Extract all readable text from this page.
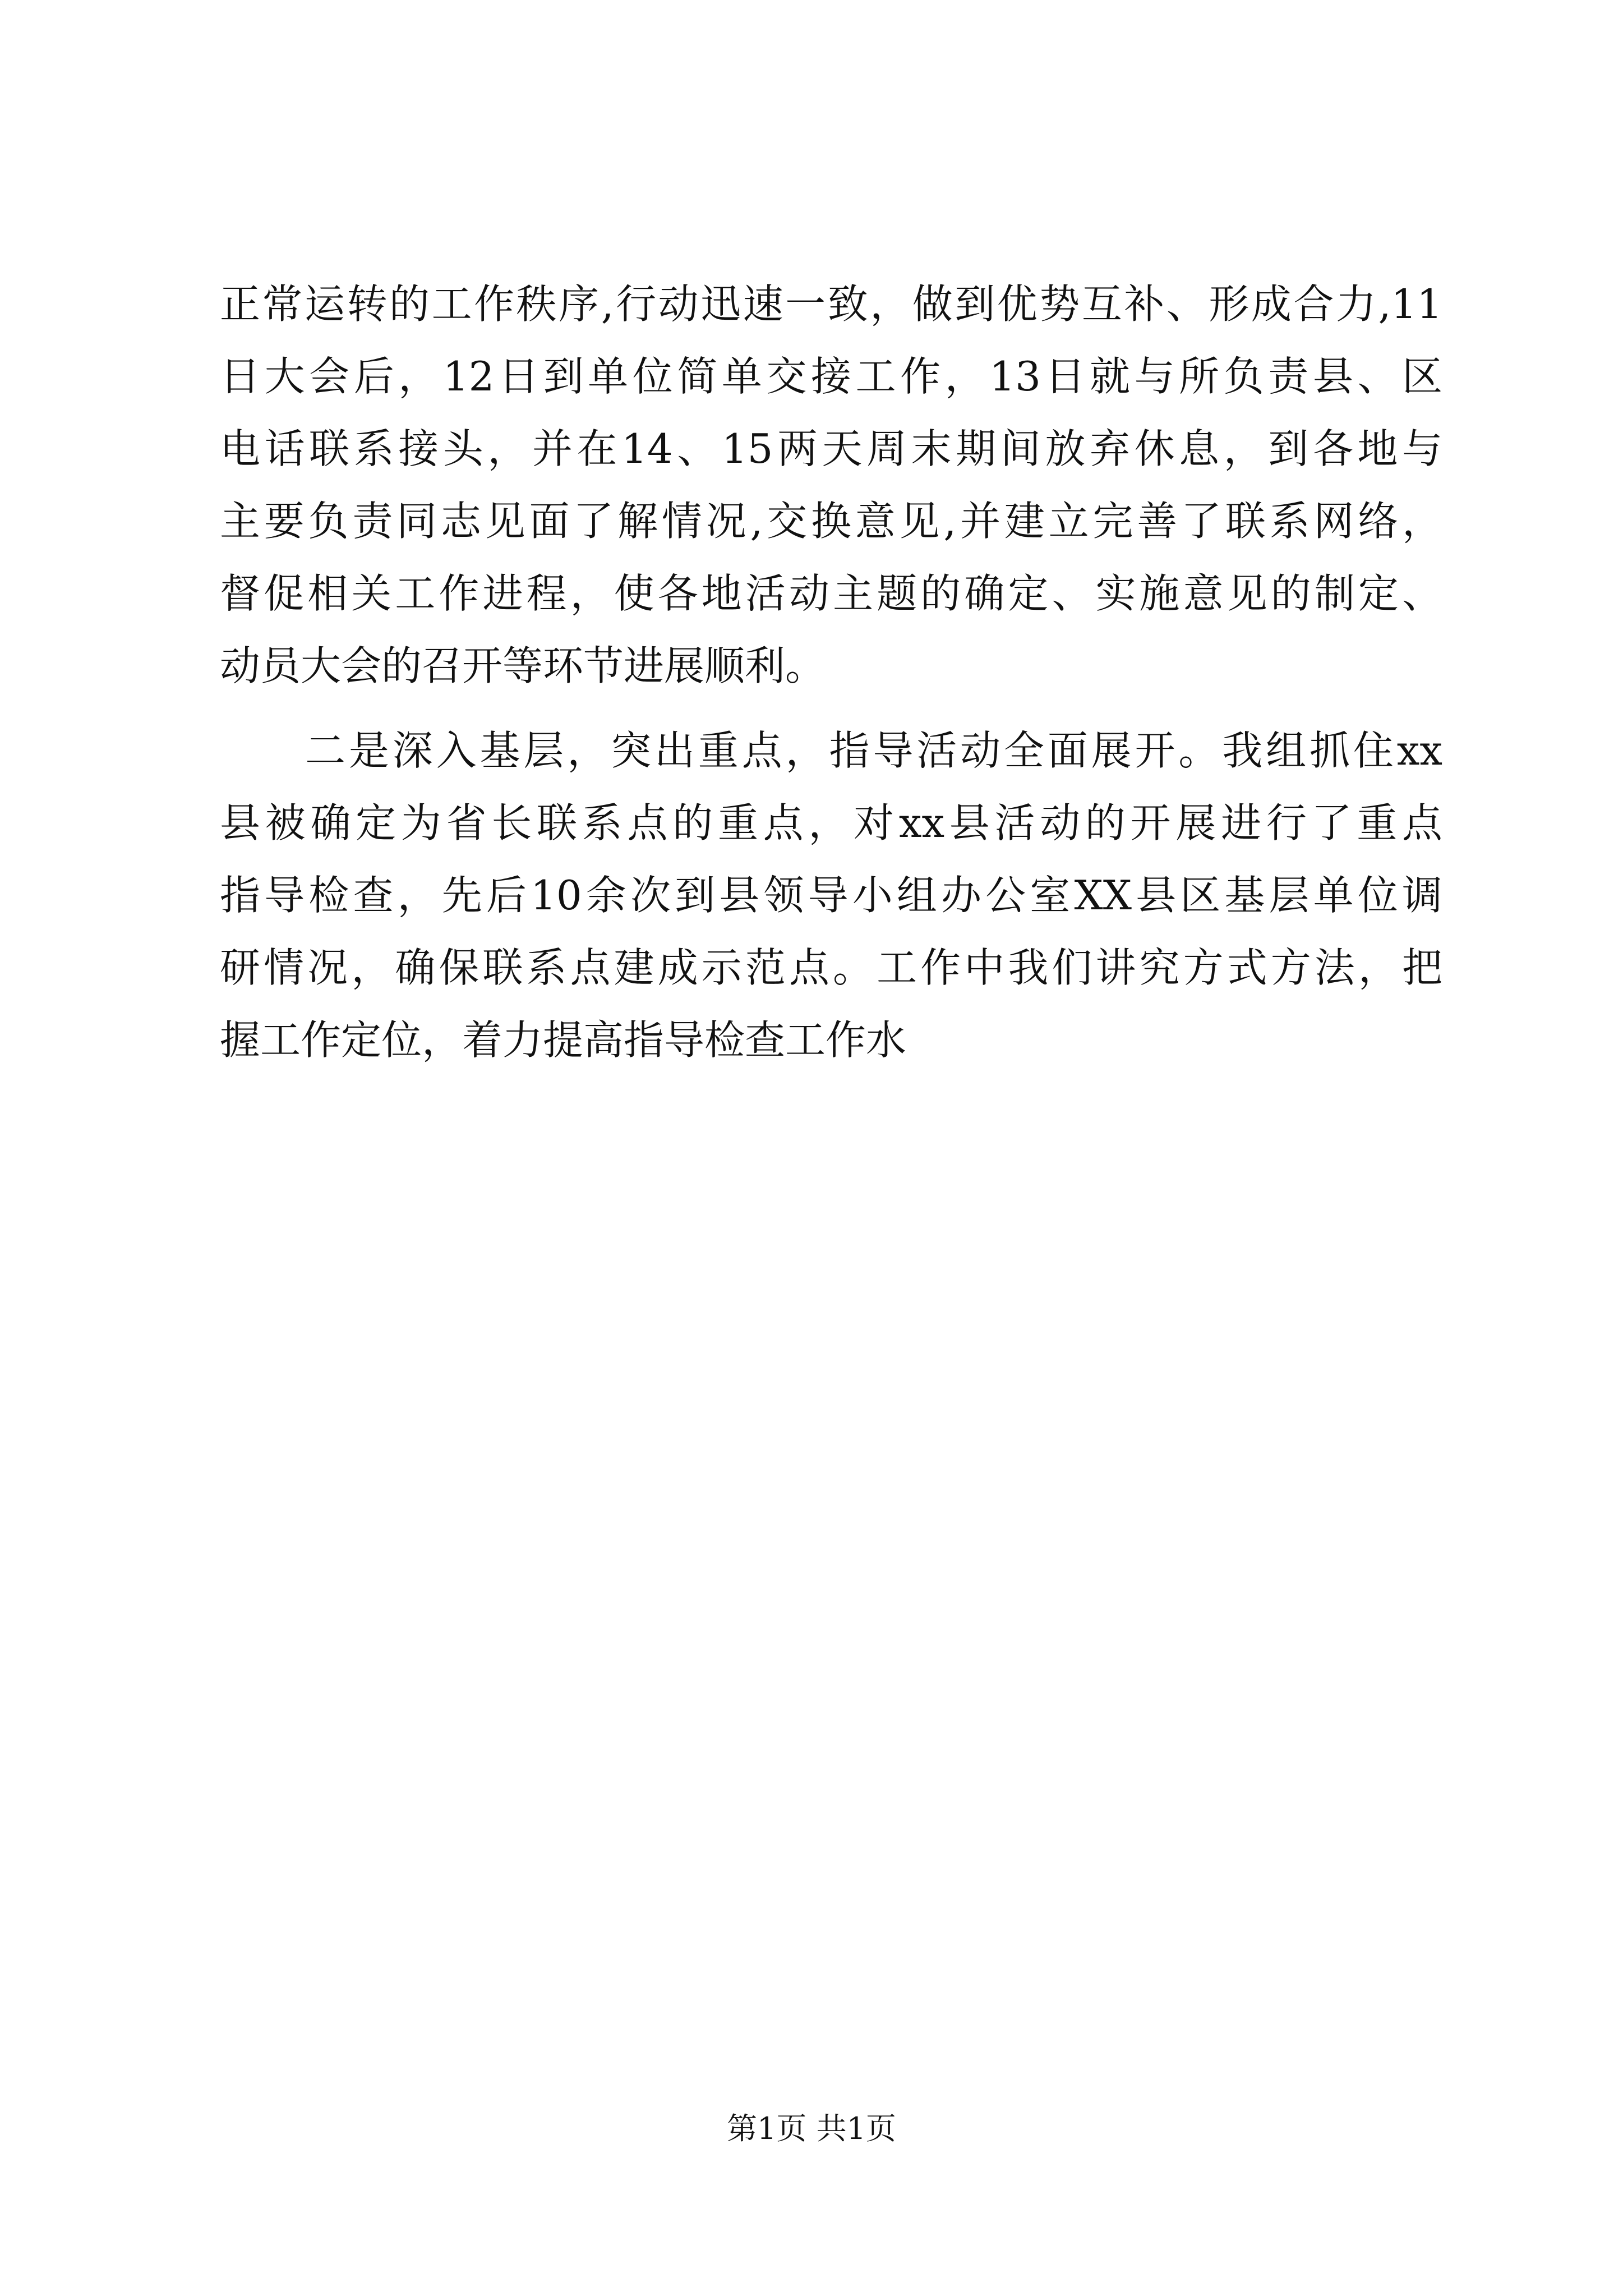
正常运转的工作秩序,行动迅速一致，做到优势互补、形成合力,11
日大会后，12日到单位简单交接工作，13日就与所负责县、区
电话联系接头，并在14、15两天周末期间放弃休息，到各地与
主要负责同志见面了解情况,交换意见,并建立完善了联系网络，
督促相关工作进程，使各地活动主题的确定、实施意见的制定、
动员大会的召开等环节进展顺利。
二是深入基层，突出重点，指导活动全面展开。我组抓住xx
县被确定为省长联系点的重点，对xx县活动的开展进行了重点
指导检查，先后10余次到县领导小组办公室XX县区基层单位调
研情况，确保联系点建成示范点。工作中我们讲究方式方法，把
握工作定位，着力提高指导检查工作水
第1页 共1页
